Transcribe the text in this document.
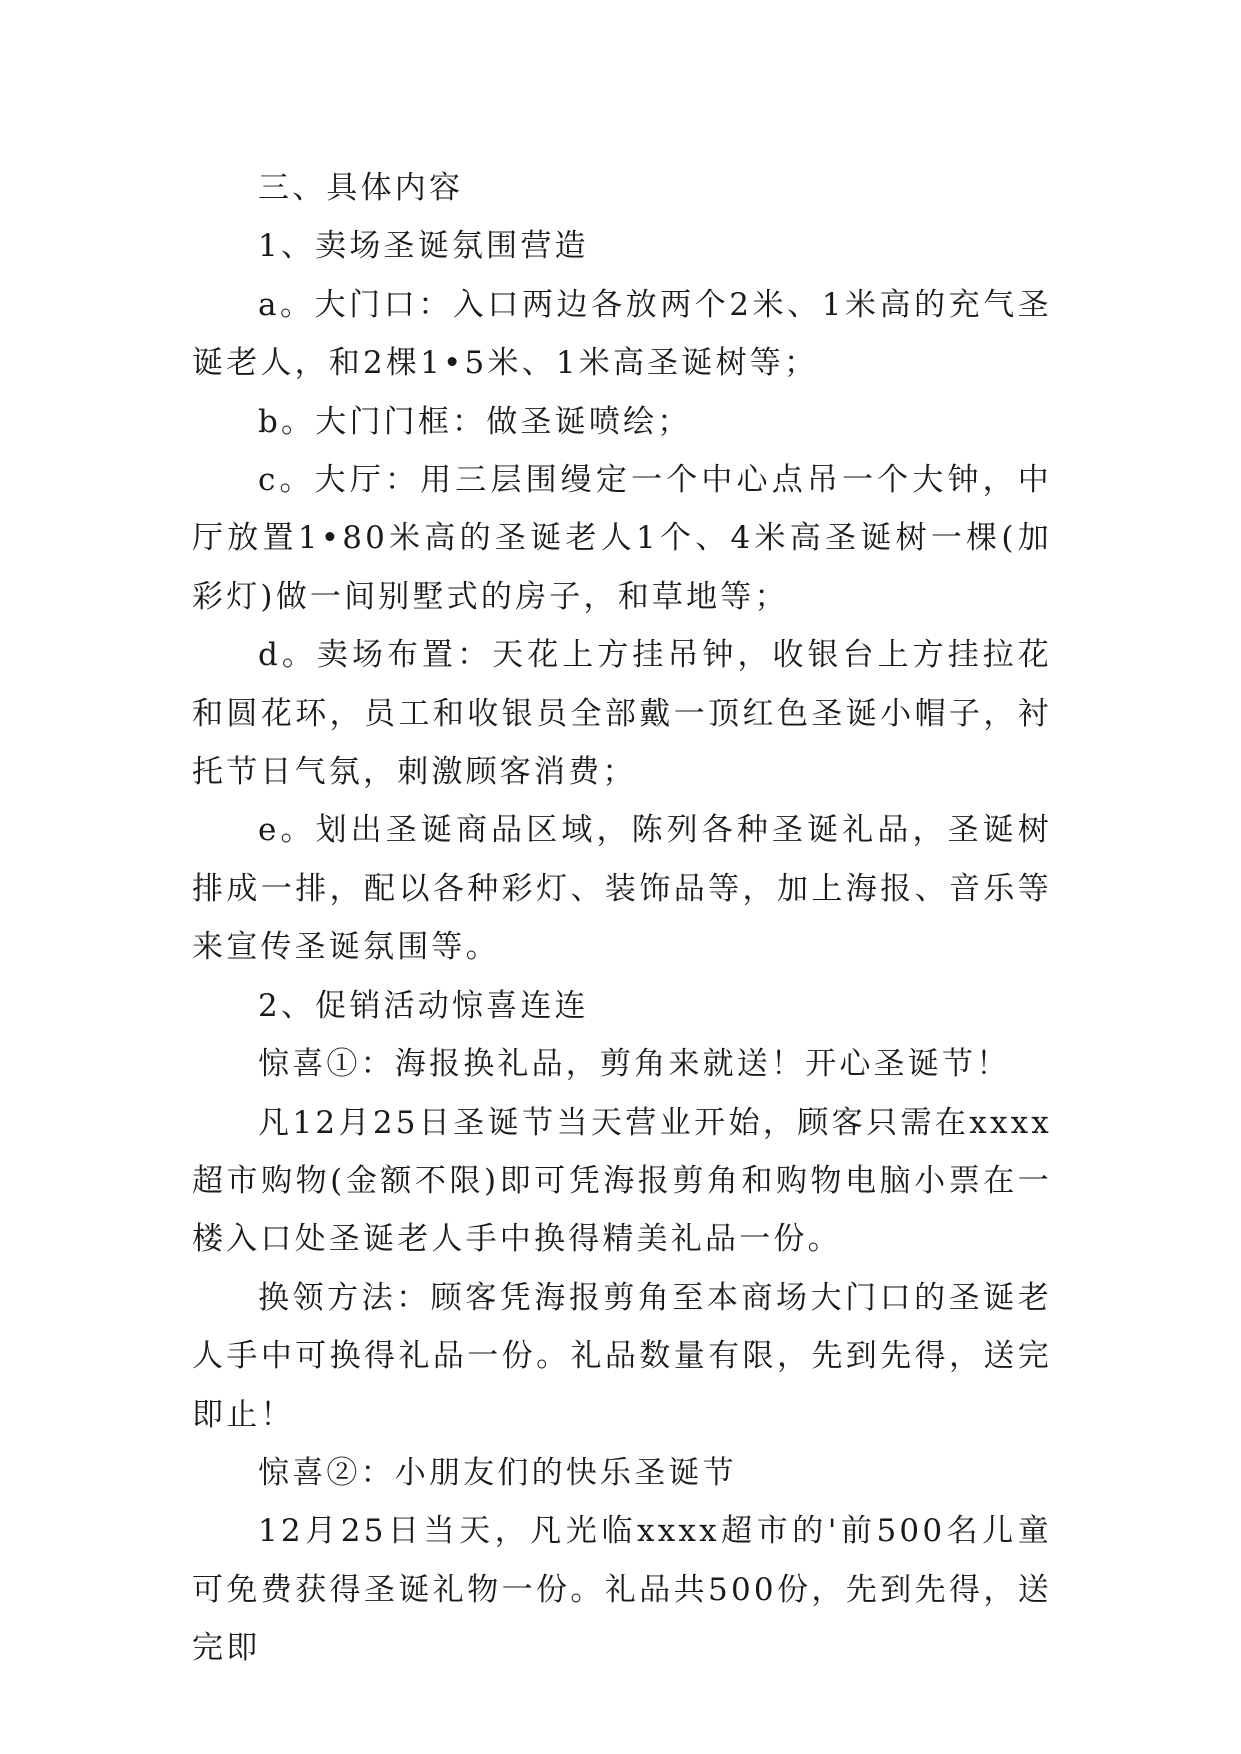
三、具体内容

1、卖场圣诞氛围营造

a。大门口：入口两边各放两个2米、1米高的充气圣诞老人，和2棵1•5米、1米高圣诞树等；

b。大门门框：做圣诞喷绘；

c。大厅：用三层围缦定一个中心点吊一个大钟，中厅放置1•80米高的圣诞老人1个、4米高圣诞树一棵(加彩灯)做一间别墅式的房子，和草地等；

d。卖场布置：天花上方挂吊钟，收银台上方挂拉花和圆花环，员工和收银员全部戴一顶红色圣诞小帽子，衬托节日气氛，刺激顾客消费；

e。划出圣诞商品区域，陈列各种圣诞礼品，圣诞树排成一排，配以各种彩灯、装饰品等，加上海报、音乐等来宣传圣诞氛围等。

2、促销活动惊喜连连

惊喜①：海报换礼品，剪角来就送！开心圣诞节！

凡12月25日圣诞节当天营业开始，顾客只需在xxxx超市购物(金额不限)即可凭海报剪角和购物电脑小票在一楼入口处圣诞老人手中换得精美礼品一份。

换领方法：顾客凭海报剪角至本商场大门口的圣诞老人手中可换得礼品一份。礼品数量有限，先到先得，送完即止！

惊喜②：小朋友们的快乐圣诞节

12月25日当天，凡光临xxxx超市的'前500名儿童可免费获得圣诞礼物一份。礼品共500份，先到先得，送完即
